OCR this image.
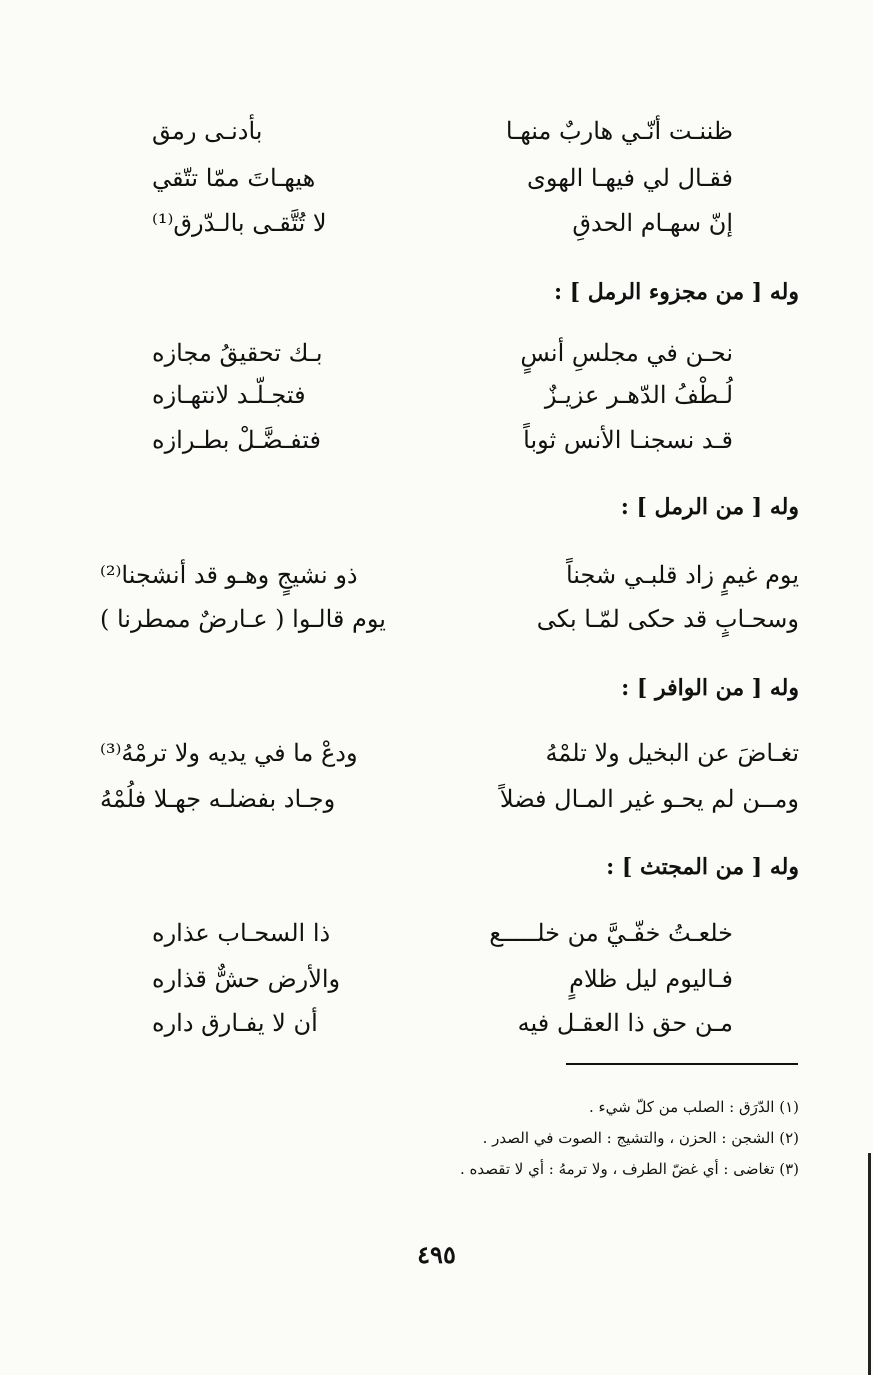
ظننـت أنّـي هاربٌ منهـا
بأدنـى رمق
فقـال لي فيهـا الهوى
هيهـاتَ ممّا تتّقي
إنّ سهـام الحدقِ
لا تُتَّقـى بالـدّرق⁽¹⁾
وله [ من مجزوء الرمل ] :
نحـن في مجلسِ أنسٍ
بـك تحقيقُ مجازه
لُـطْفُ الدّهـر عزيـزٌ
فتجـلّـد لانتهـازه
قـد نسجنـا الأنس ثوباً
فتفـضَّـلْ بطـرازه
وله [ من الرمل ] :
يوم غيمٍ زاد قلبـي شجناً
ذو نشيجٍ وهـو قد أنشجنا⁽²⁾
وسحـابٍ قد حكى لمّـا بكى
يوم قالـوا ( عـارضٌ ممطرنا )
وله [ من الوافر ] :
تغـاضَ عن البخيل ولا تلمْهُ
ودعْ ما في يديه ولا ترمْهُ⁽³⁾
ومــن لم يحـو غير المـال فضلاً
وجـاد بفضلـه جهـلا فلُمْهُ
وله [ من المجتث ] :
خلعـتُ خفّـيَّ من خلـــــع
ذا السحـاب عذاره
فـاليوم ليل ظلامٍ
والأرض حشٌّ قذاره
مـن حق ذا العقـل فيه
أن لا يفـارق داره
(١) الدّرَق : الصلب من كلّ شيء .
(٢) الشجن : الحزن ، والتشيج : الصوت في الصدر .
(٣) تغاضى : أي غضّ الطرف ، ولا ترمهُ : أي لا تقصده .
٤٩٥
